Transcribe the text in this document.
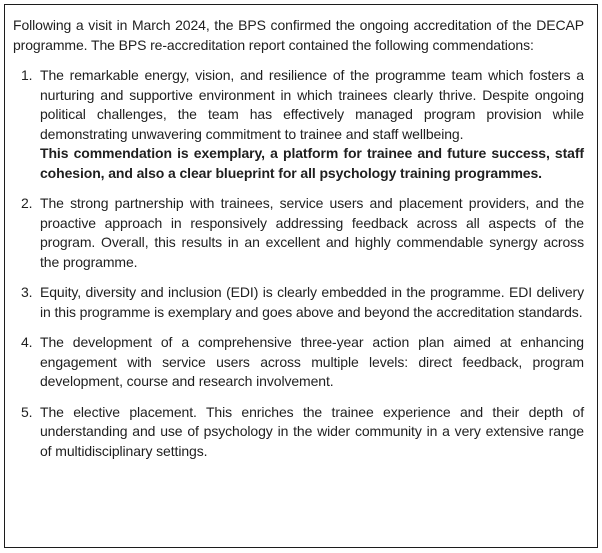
Following a visit in March 2024, the BPS confirmed the ongoing accreditation of the DECAP programme. The BPS re-accreditation report contained the following commendations:

1. The remarkable energy, vision, and resilience of the programme team which fosters a nurturing and supportive environment in which trainees clearly thrive. Despite ongoing political challenges, the team has effectively managed program provision while demonstrating unwavering commitment to trainee and staff wellbeing.
This commendation is exemplary, a platform for trainee and future success, staff cohesion, and also a clear blueprint for all psychology training programmes.
2. The strong partnership with trainees, service users and placement providers, and the proactive approach in responsively addressing feedback across all aspects of the program. Overall, this results in an excellent and highly commendable synergy across the programme.
3. Equity, diversity and inclusion (EDI) is clearly embedded in the programme. EDI delivery in this programme is exemplary and goes above and beyond the accreditation standards.
4. The development of a comprehensive three-year action plan aimed at enhancing engagement with service users across multiple levels: direct feedback, program development, course and research involvement.
5. The elective placement. This enriches the trainee experience and their depth of understanding and use of psychology in the wider community in a very extensive range of multidisciplinary settings.
